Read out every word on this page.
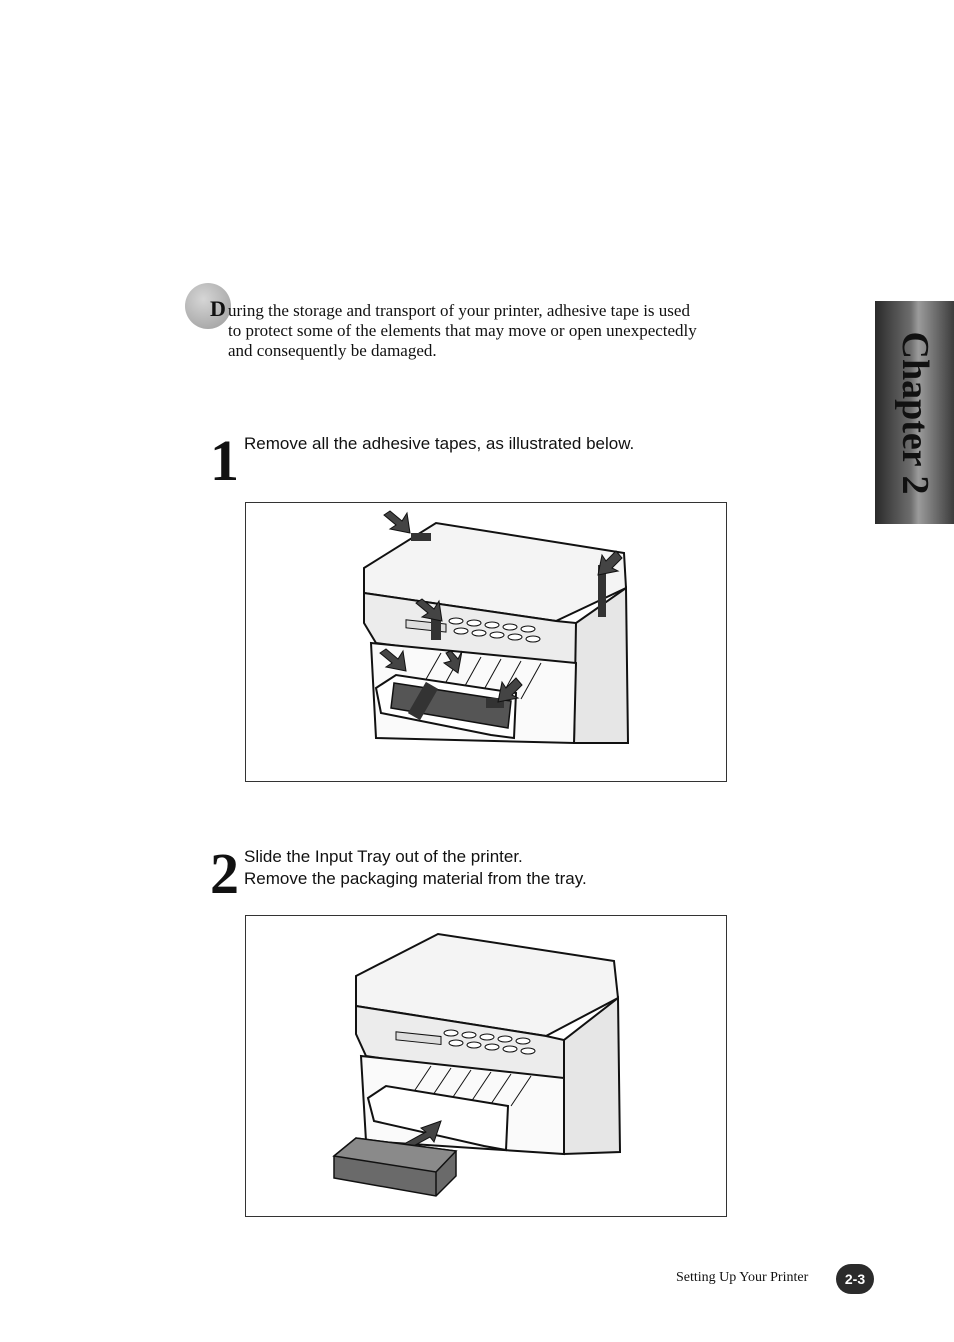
D uring the storage and transport of your printer, adhesive tape is used
to protect some of the elements that may move or open unexpectedly
and consequently be damaged.
1 Remove all the adhesive tapes, as illustrated below.
2 Slide the Input Tray out of the printer.
Remove the packaging material from the tray.
Chapter 2
Setting Up Your Printer	2-3
